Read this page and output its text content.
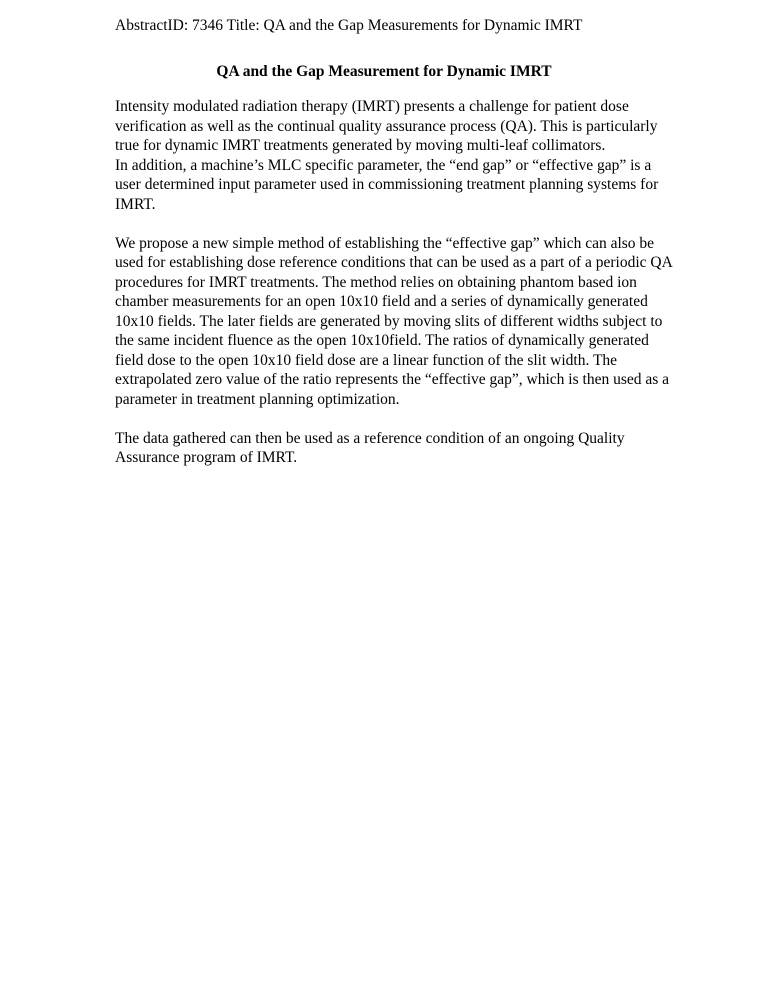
AbstractID: 7346 Title: QA and the Gap Measurements for Dynamic IMRT
QA and the Gap Measurement for Dynamic IMRT
Intensity modulated radiation therapy (IMRT) presents a challenge for patient dose
verification as well as the continual quality assurance process (QA). This is particularly
true for dynamic IMRT treatments generated by moving multi-leaf collimators.
In addition, a machine’s MLC specific parameter, the “end gap” or “effective gap” is a
user determined input parameter used in commissioning treatment planning systems for
IMRT.
We propose a new simple method of establishing the “effective gap” which can also be
used for establishing dose reference conditions that can be used as a part of a periodic QA
procedures for IMRT treatments. The method relies on obtaining phantom based ion
chamber measurements for an open 10x10 field and a series of dynamically generated
10x10 fields. The later fields are generated by moving slits of different widths subject to
the same incident fluence as the open 10x10field. The ratios of dynamically generated
field dose to the open 10x10 field dose are a linear function of the slit width. The
extrapolated zero value of the ratio represents the “effective gap”, which is then used as a
parameter in treatment planning optimization.
The data gathered can then be used as a reference condition of an ongoing Quality
Assurance program of IMRT.
